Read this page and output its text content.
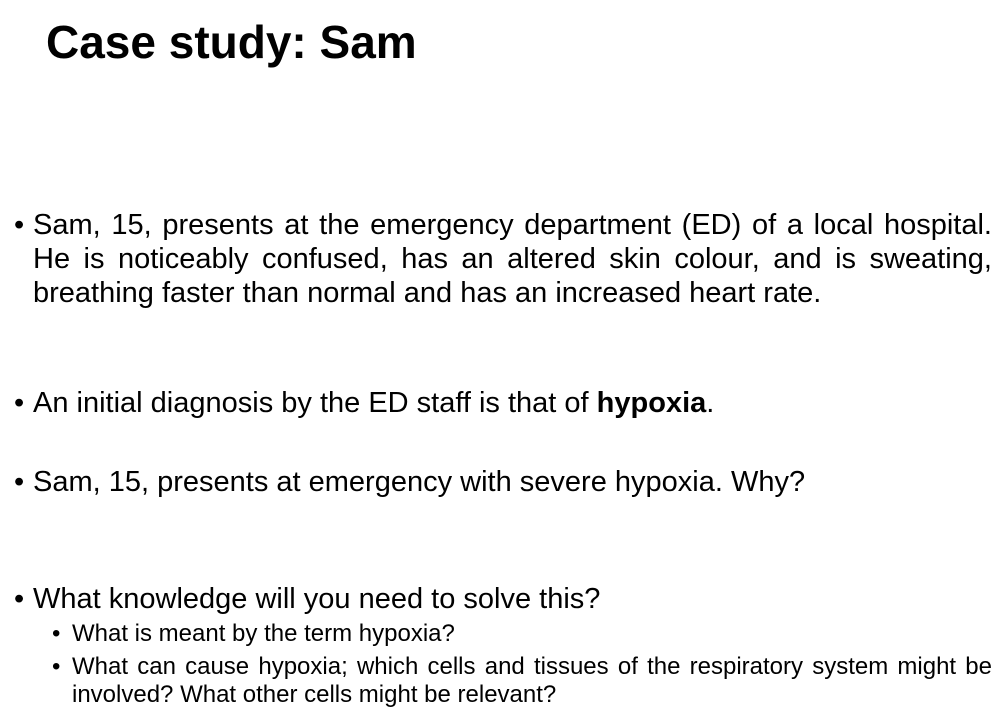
Case study: Sam
• Sam, 15, presents at the emergency department (ED) of a local hospital. He is noticeably confused, has an altered skin colour, and is sweating, breathing faster than normal and has an increased heart rate.
• An initial diagnosis by the ED staff is that of hypoxia.
• Sam, 15, presents at emergency with severe hypoxia. Why?
• What knowledge will you need to solve this?
• What is meant by the term hypoxia?
• What can cause hypoxia; which cells and tissues of the respiratory system might be involved? What other cells might be relevant?
